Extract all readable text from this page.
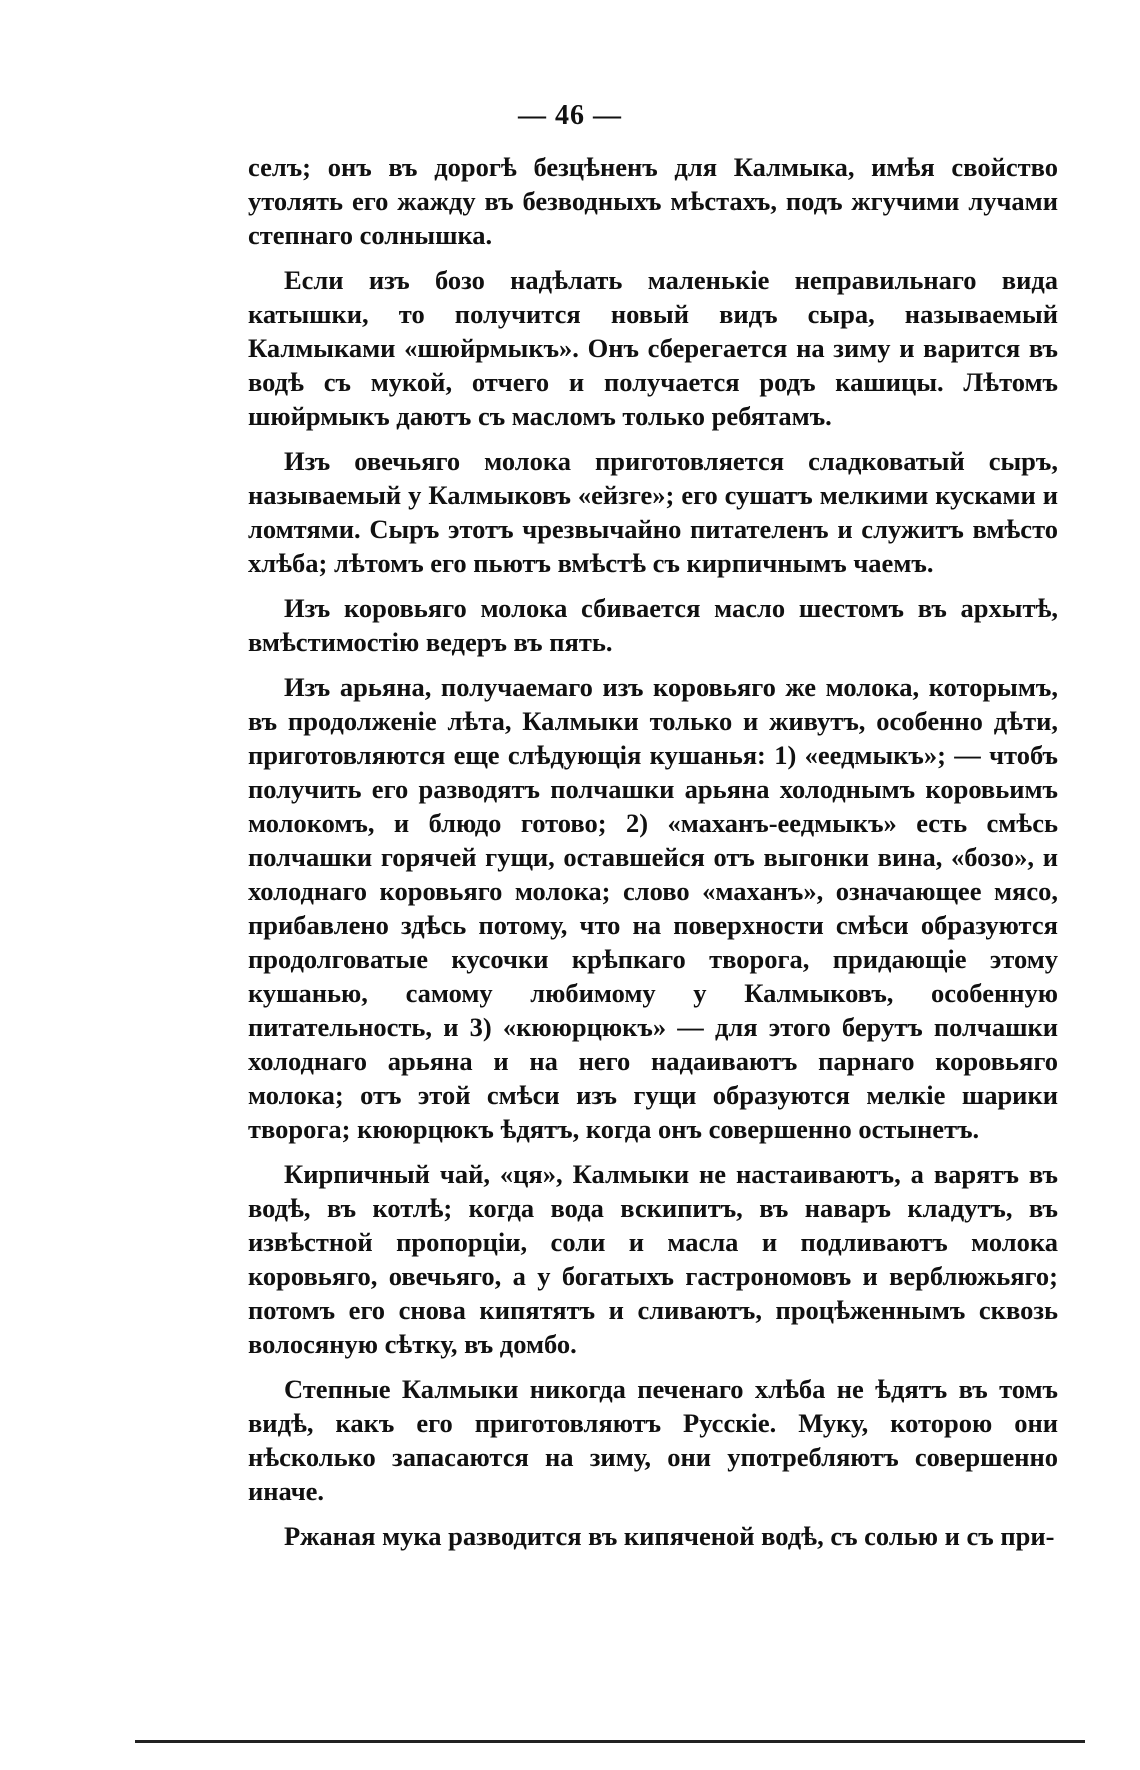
— 46 —

селъ; онъ въ дорогѣ безцѣненъ для Калмыка, имѣя свойство утолять его жажду въ безводныхъ мѣстахъ, подъ жгучими лучами степнаго солнышка.

Если изъ бозо надѣлать маленькіе неправильнаго вида катышки, то получится новый видъ сыра, называемый Калмыками «шюйрмыкъ». Онъ сберегается на зиму и варится въ водѣ съ мукой, отчего и получается родъ кашицы. Лѣтомъ шюйрмыкъ даютъ съ масломъ только ребятамъ.

Изъ овечьяго молока приготовляется сладковатый сыръ, называемый у Калмыковъ «ейзге»; его сушатъ мелкими кусками и ломтями. Сыръ этотъ чрезвычайно питателенъ и служитъ вмѣсто хлѣба; лѣтомъ его пьютъ вмѣстѣ съ кирпичнымъ чаемъ.

Изъ коровьяго молока сбивается масло шестомъ въ архытѣ, вмѣстимостію ведеръ въ пять.

Изъ арьяна, получаемаго изъ коровьяго же молока, которымъ, въ продолженіе лѣта, Калмыки только и живутъ, особенно дѣти, приготовляются еще слѣдующія кушанья: 1) «еедмыкъ»; — чтобъ получить его разводятъ полчашки арьяна холоднымъ коровьимъ молокомъ, и блюдо готово; 2) «маханъ-еедмыкъ» есть смѣсь полчашки горячей гущи, оставшейся отъ выгонки вина, «бозо», и холоднаго коровьяго молока; слово «маханъ», означающее мясо, прибавлено здѣсь потому, что на поверхности смѣси образуются продолговатые кусочки крѣпкаго творога, придающіе этому кушанью, самому любимому у Калмыковъ, особенную питательность, и 3) «кююрцюкъ» — для этого берутъ полчашки холоднаго арьяна и на него надаиваютъ парнаго коровьяго молока; отъ этой смѣси изъ гущи образуются мелкіе шарики творога; кююрцюкъ ѣдятъ, когда онъ совершенно остынетъ.

Кирпичный чай, «ця», Калмыки не настаиваютъ, а варятъ въ водѣ, въ котлѣ; когда вода вскипитъ, въ наваръ кладутъ, въ извѣстной пропорціи, соли и масла и подливаютъ молока коровьяго, овечьяго, а у богатыхъ гастрономовъ и верблюжьяго; потомъ его снова кипятятъ и сливаютъ, процѣженнымъ сквозь волосяную сѣтку, въ домбо.

Степные Калмыки никогда печенаго хлѣба не ѣдятъ въ томъ видѣ, какъ его приготовляютъ Русскіе. Муку, которою они нѣсколько запасаются на зиму, они употребляютъ совершенно иначе.

Ржаная мука разводится въ кипяченой водѣ, съ солью и съ при-
